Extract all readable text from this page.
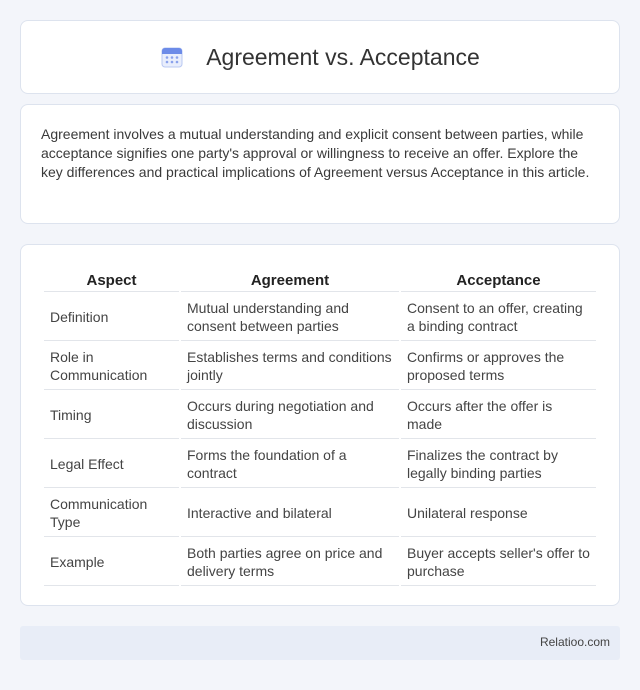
Agreement vs. Acceptance

Agreement involves a mutual understanding and explicit consent between parties, while acceptance signifies one party's approval or willingness to receive an offer. Explore the key differences and practical implications of Agreement versus Acceptance in this article.

Aspect	Agreement	Acceptance
Definition	Mutual understanding and consent between parties	Consent to an offer, creating a binding contract
Role in Communication	Establishes terms and conditions jointly	Confirms or approves the proposed terms
Timing	Occurs during negotiation and discussion	Occurs after the offer is made
Legal Effect	Forms the foundation of a contract	Finalizes the contract by legally binding parties
Communication Type	Interactive and bilateral	Unilateral response
Example	Both parties agree on price and delivery terms	Buyer accepts seller's offer to purchase
Relatioo.com
